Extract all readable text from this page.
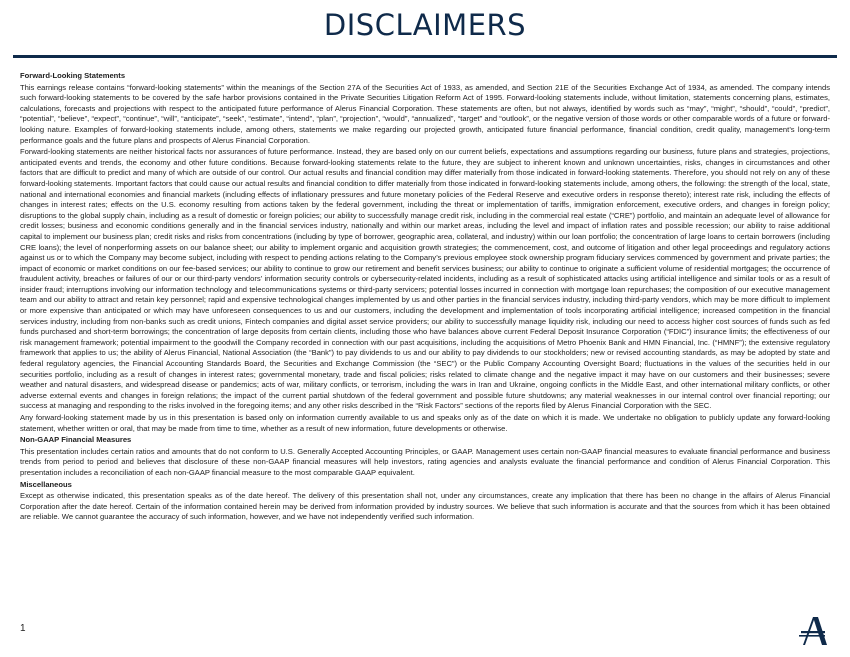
DISCLAIMERS
Forward-Looking Statements
This earnings release contains “forward-looking statements” within the meanings of the Section 27A of the Securities Act of 1933, as amended, and Section 21E of the Securities Exchange Act of 1934, as amended. The company intends such forward-looking statements to be covered by the safe harbor provisions contained in the Private Securities Litigation Reform Act of 1995. Forward-looking statements include, without limitation, statements concerning plans, estimates, calculations, forecasts and projections with respect to the anticipated future performance of Alerus Financial Corporation. These statements are often, but not always, identified by words such as “may”, “might”, “should”, “could”, “predict”, “potential”, “believe”, “expect”, “continue”, “will”, “anticipate”, “seek”, “estimate”, “intend”, “plan”, “projection”, “would”, “annualized”, “target” and “outlook”, or the negative version of those words or other comparable words of a future or forward-looking nature. Examples of forward-looking statements include, among others, statements we make regarding our projected growth, anticipated future financial performance, financial condition, credit quality, management’s long-term performance goals and the future plans and prospects of Alerus Financial Corporation.
Forward-looking statements are neither historical facts nor assurances of future performance. Instead, they are based only on our current beliefs, expectations and assumptions regarding our business, future plans and strategies, projections, anticipated events and trends, the economy and other future conditions. Because forward-looking statements relate to the future, they are subject to inherent known and unknown uncertainties, risks, changes in circumstances and other factors that are difficult to predict and many of which are outside of our control. Our actual results and financial condition may differ materially from those indicated in forward-looking statements. Therefore, you should not rely on any of these forward-looking statements. Important factors that could cause our actual results and financial condition to differ materially from those indicated in forward-looking statements include, among others, the following: the strength of the local, state, national and international economies and financial markets (including effects of inflationary pressures and future monetary policies of the Federal Reserve and executive orders in response thereto); interest rate risk, including the effects of changes in interest rates; effects on the U.S. economy resulting from actions taken by the federal government, including the threat or implementation of tariffs, immigration enforcement, executive orders, and changes in foreign policy; disruptions to the global supply chain, including as a result of domestic or foreign policies; our ability to successfully manage credit risk, including in the commercial real estate (“CRE”) portfolio, and maintain an adequate level of allowance for credit losses; business and economic conditions generally and in the financial services industry, nationally and within our market areas, including the level and impact of inflation rates and possible recession; our ability to raise additional capital to implement our business plan; credit risks and risks from concentrations (including by type of borrower, geographic area, collateral, and industry) within our loan portfolio; the concentration of large loans to certain borrowers (including CRE loans); the level of nonperforming assets on our balance sheet; our ability to implement organic and acquisition growth strategies; the commencement, cost, and outcome of litigation and other legal proceedings and regulatory actions against us or to which the Company may become subject, including with respect to pending actions relating to the Company’s previous employee stock ownership program fiduciary services commenced by government and private parties; the impact of economic or market conditions on our fee-based services; our ability to continue to grow our retirement and benefit services business; our ability to continue to originate a sufficient volume of residential mortgages; the occurrence of fraudulent activity, breaches or failures of our or our third-party vendors’ information security controls or cybersecurity-related incidents, including as a result of sophisticated attacks using artificial intelligence and similar tools or as a result of insider fraud; interruptions involving our information technology and telecommunications systems or third-party servicers; potential losses incurred in connection with mortgage loan repurchases; the composition of our executive management team and our ability to attract and retain key personnel; rapid and expensive technological changes implemented by us and other parties in the financial services industry, including third-party vendors, which may be more difficult to implement or more expensive than anticipated or which may have unforeseen consequences to us and our customers, including the development and implementation of tools incorporating artificial intelligence; increased competition in the financial services industry, including from non-banks such as credit unions, Fintech companies and digital asset service providers; our ability to successfully manage liquidity risk, including our need to access higher cost sources of funds such as fed funds purchased and short-term borrowings; the concentration of large deposits from certain clients, including those who have balances above current Federal Deposit Insurance Corporation (“FDIC”) insurance limits; the effectiveness of our risk management framework; potential impairment to the goodwill the Company recorded in connection with our past acquisitions, including the acquisitions of Metro Phoenix Bank and HMN Financial, Inc. (“HMNF”); the extensive regulatory framework that applies to us; the ability of Alerus Financial, National Association (the “Bank”) to pay dividends to us and our ability to pay dividends to our stockholders; new or revised accounting standards, as may be adopted by state and federal regulatory agencies, the Financial Accounting Standards Board, the Securities and Exchange Commission (the “SEC”) or the Public Company Accounting Oversight Board; fluctuations in the values of the securities held in our securities portfolio, including as a result of changes in interest rates; governmental monetary, trade and fiscal policies; risks related to climate change and the negative impact it may have on our customers and their businesses; severe weather and natural disasters, and widespread disease or pandemics; acts of war, military conflicts, or terrorism, including the wars in Iran and Ukraine, ongoing conflicts in the Middle East, and other international military conflicts, or other adverse external events and changes in foreign relations; the impact of the current partial shutdown of the federal government and possible future shutdowns; any material weaknesses in our internal control over financial reporting; our success at managing and responding to the risks involved in the foregoing items; and any other risks described in the “Risk Factors” sections of the reports filed by Alerus Financial Corporation with the SEC.
Any forward-looking statement made by us in this presentation is based only on information currently available to us and speaks only as of the date on which it is made. We undertake no obligation to publicly update any forward-looking statement, whether written or oral, that may be made from time to time, whether as a result of new information, future developments or otherwise.
Non-GAAP Financial Measures
This presentation includes certain ratios and amounts that do not conform to U.S. Generally Accepted Accounting Principles, or GAAP. Management uses certain non-GAAP financial measures to evaluate financial performance and business trends from period to period and believes that disclosure of these non-GAAP financial measures will help investors, rating agencies and analysts evaluate the financial performance and condition of Alerus Financial Corporation. This presentation includes a reconciliation of each non-GAAP financial measure to the most comparable GAAP equivalent.
Miscellaneous
Except as otherwise indicated, this presentation speaks as of the date hereof. The delivery of this presentation shall not, under any circumstances, create any implication that there has been no change in the affairs of Alerus Financial Corporation after the date hereof. Certain of the information contained herein may be derived from information provided by industry sources. We believe that such information is accurate and that the sources from which it has been obtained are reliable. We cannot guarantee the accuracy of such information, however, and we have not independently verified such information.
1
